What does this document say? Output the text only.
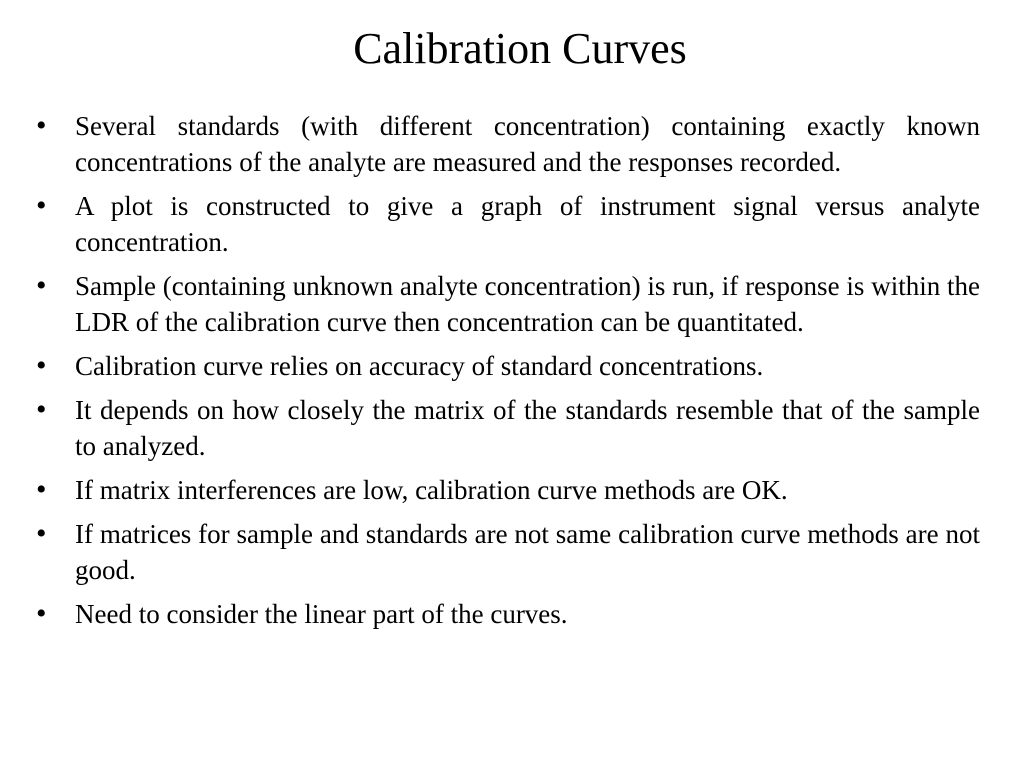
Calibration Curves
•	Several standards (with different concentration) containing exactly known concentrations of the analyte are measured and the responses recorded.
•	A plot is constructed to give a graph of instrument signal versus analyte concentration.
•	Sample (containing unknown analyte concentration) is run, if response is within the LDR of the calibration curve then concentration can be quantitated.
•	Calibration curve relies on accuracy of standard concentrations.
•	It depends on how closely the matrix of the standards resemble that of the sample to analyzed.
•	If matrix interferences are low, calibration curve methods are OK.
•	If matrices for sample and standards are not same calibration curve methods are not good.
•	Need to consider the linear part of the curves.
